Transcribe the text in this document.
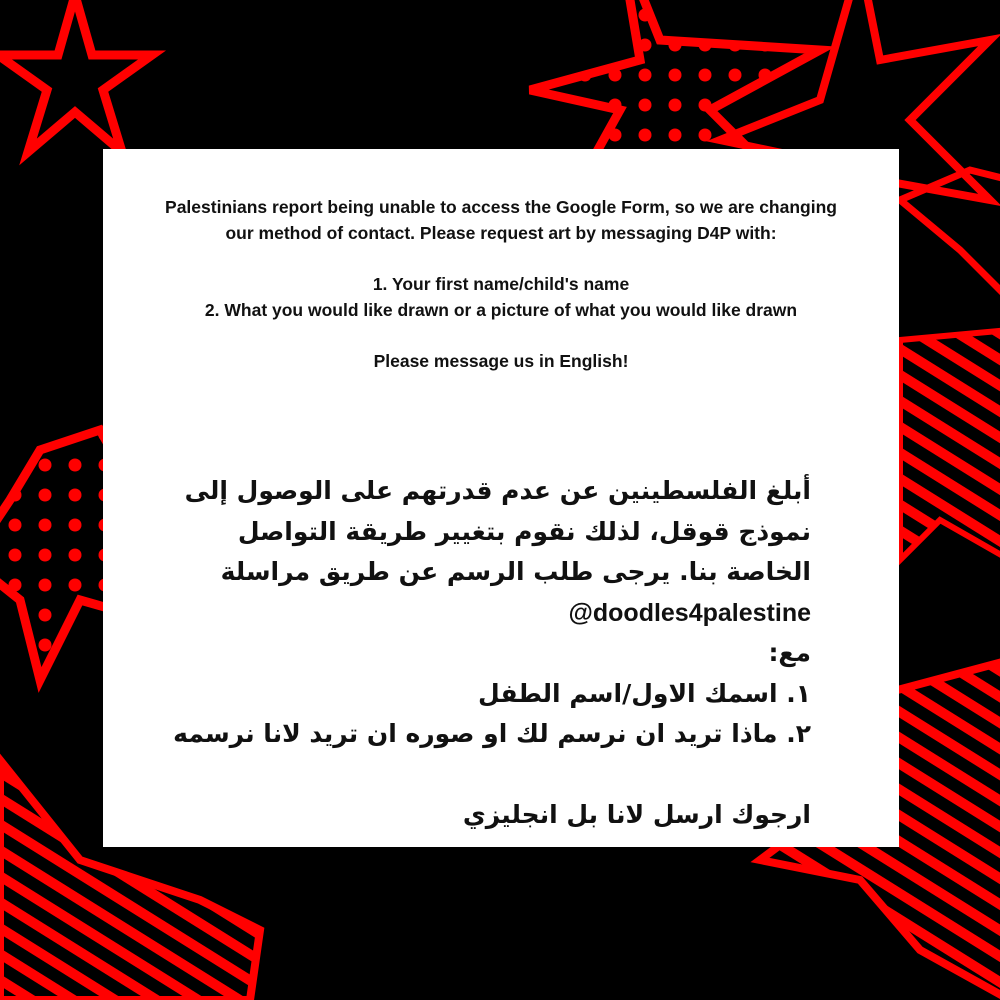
Palestinians report being unable to access the Google Form, so we are changing our method of contact. Please request art by messaging D4P with:

1. Your first name/child's name

2. What you would like drawn or a picture of what you would like drawn

Please message us in English!

أبلغ الفلسطينين عن عدم قدرتهم على الوصول إلى نموذج قوقل، لذلك نقوم بتغيير طريقة التواصل الخاصة بنا. يرجى طلب الرسم عن طريق مراسلة @doodles4palestine

مع:

١. اسمك الاول/اسم الطفل

٢. ماذا تريد ان نرسم لك او صوره ان تريد لانا نرسمه

ارجوك ارسل لانا بل انجليزي
